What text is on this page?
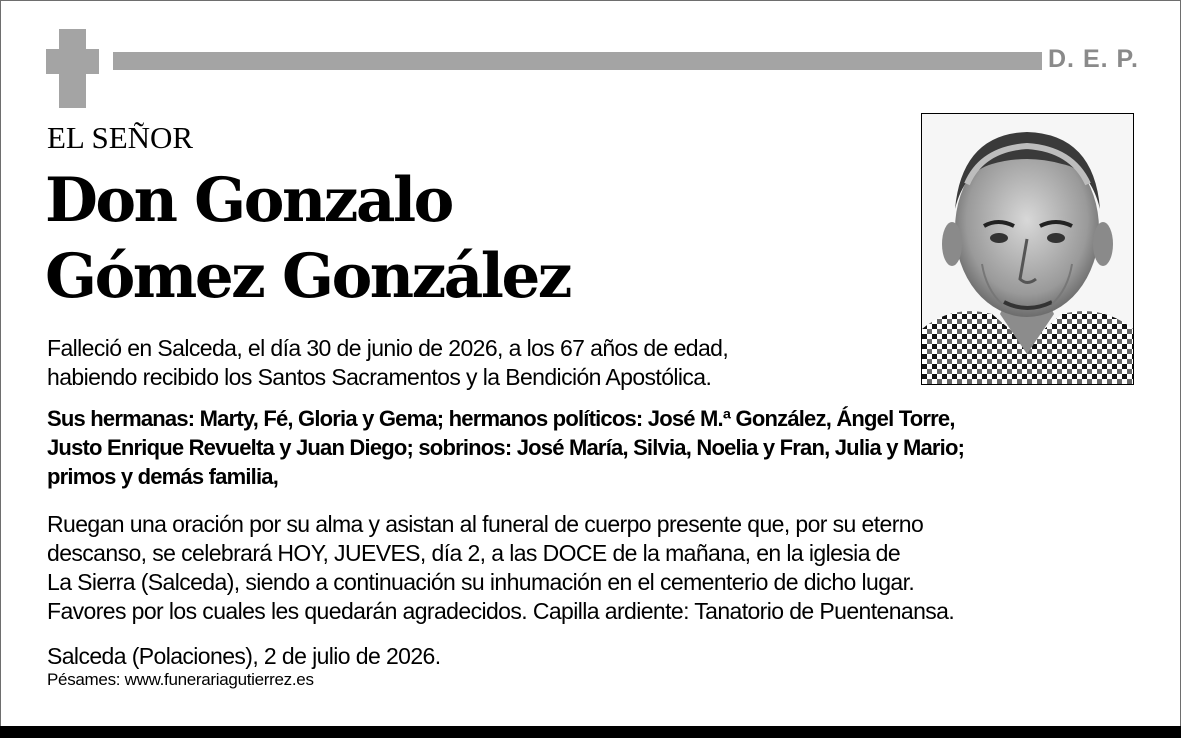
D. E. P.
EL SEÑOR
Don Gonzalo
Gómez González

Falleció en Salceda, el día 30 de junio de 2026, a los 67 años de edad,
habiendo recibido los Santos Sacramentos y la Bendición Apostólica.

Sus hermanas: Marty, Fé, Gloria y Gema; hermanos políticos: José M.ª González, Ángel Torre,
Justo Enrique Revuelta y Juan Diego; sobrinos: José María, Silvia, Noelia y Fran, Julia y Mario;
primos y demás familia,

Ruegan una oración por su alma y asistan al funeral de cuerpo presente que, por su eterno
descanso, se celebrará HOY, JUEVES, día 2, a las DOCE de la mañana, en la iglesia de
La Sierra (Salceda), siendo a continuación su inhumación en el cementerio de dicho lugar.
Favores por los cuales les quedarán agradecidos. Capilla ardiente: Tanatorio de Puentenansa.

Salceda (Polaciones), 2 de julio de 2026.

Pésames: www.funerariagutierrez.es
